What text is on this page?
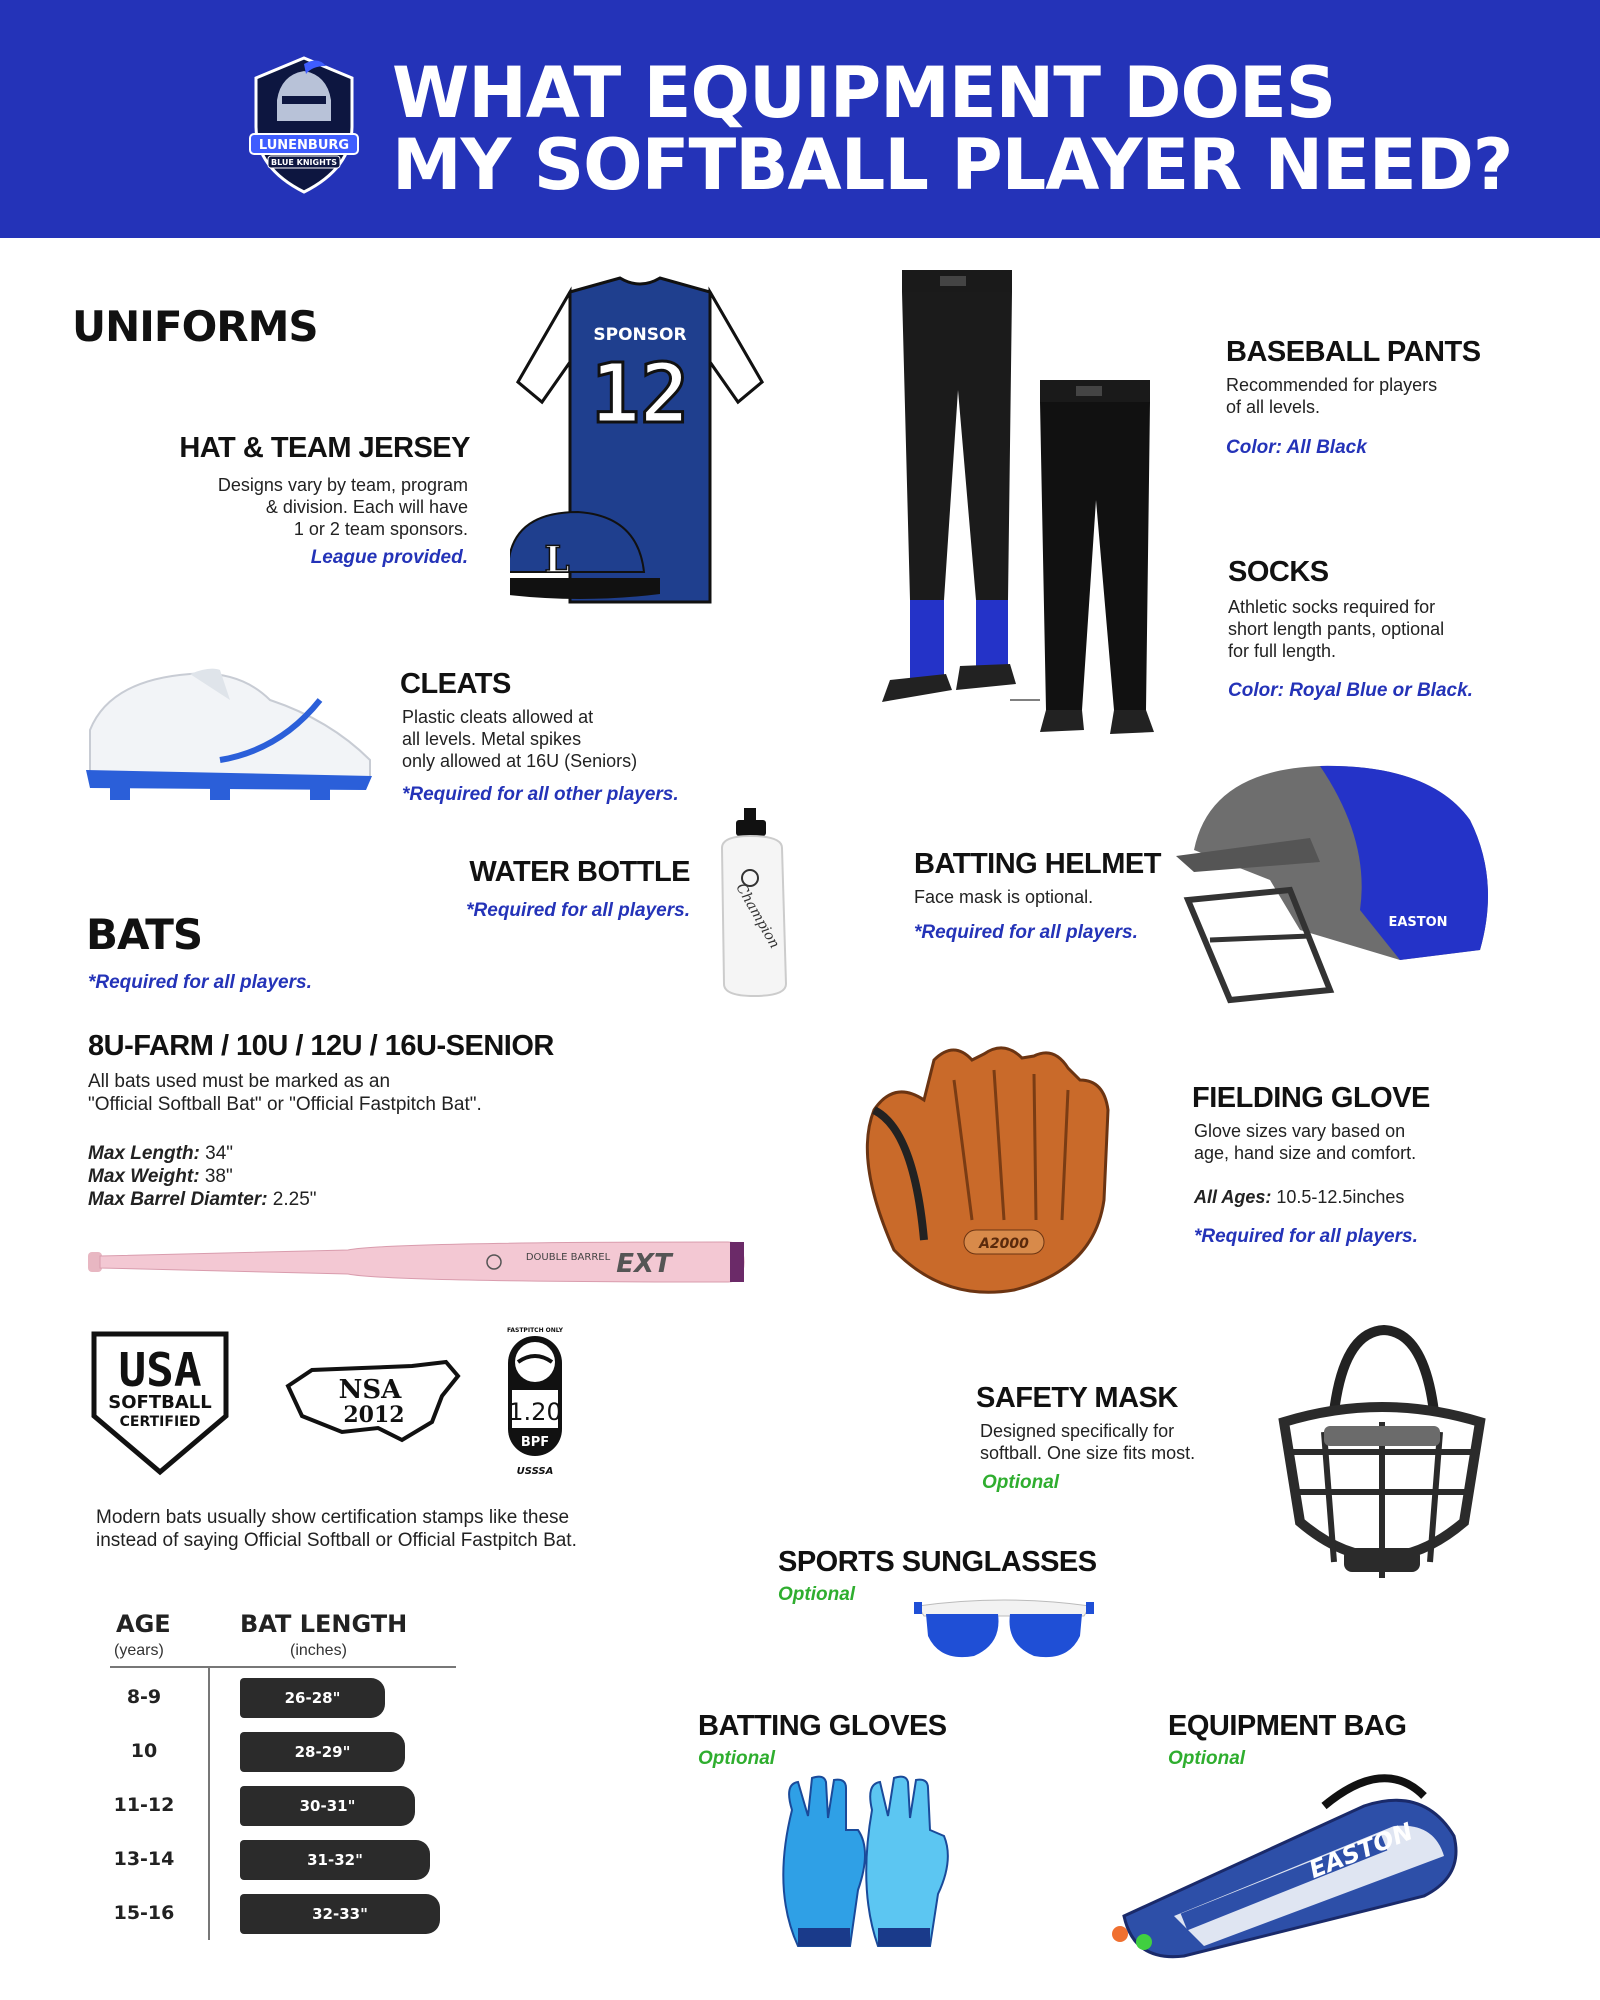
LUNENBURG
BLUE KNIGHTS
WHAT EQUIPMENT DOES
MY SOFTBALL PLAYER NEED?
UNIFORMS	SPONSOR
12
L
HAT & TEAM JERSEY
Designs vary by team, program
& division. Each will have
1 or 2 team sponsors.
League provided.
BASEBALL PANTS
Recommended for players
of all levels.
Color: All Black
SOCKS
Athletic socks required for
short length pants, optional
for full length.
Color: Royal Blue or Black.
CLEATS
Plastic cleats allowed at
all levels. Metal spikes
only allowed at 16U (Seniors)
*Required for all other players.
WATER BOTTLE
*Required for all players.	Champion
BATTING HELMET
Face mask is optional.
*Required for all players.	EASTON
BATS
*Required for all players.
8U-FARM / 10U / 12U / 16U-SENIOR
All bats used must be marked as an
"Official Softball Bat" or "Official Fastpitch Bat".
Max Length: 34"
Max Weight: 38"
Max Barrel Diamter: 2.25"
DOUBLE BARREL EXT
USA
SOFTBALL
CERTIFIED
NSA
2012
FASTPITCH ONLY
1.20
BPF
USSSA
Modern bats usually show certification stamps like these
instead of saying Official Softball or Official Fastpitch Bat.
AGE
(years)
BAT LENGTH
(inches)
8-9	26-28"
10	28-29"
11-12	30-31"
13-14	31-32"
15-16	32-33"
A2000
FIELDING GLOVE
Glove sizes vary based on
age, hand size and comfort.
All Ages: 10.5-12.5inches
*Required for all players.
SAFETY MASK
Designed specifically for
softball. One size fits most.
Optional
SPORTS SUNGLASSES
Optional
BATTING GLOVES
Optional
EQUIPMENT BAG
Optional
EASTON
